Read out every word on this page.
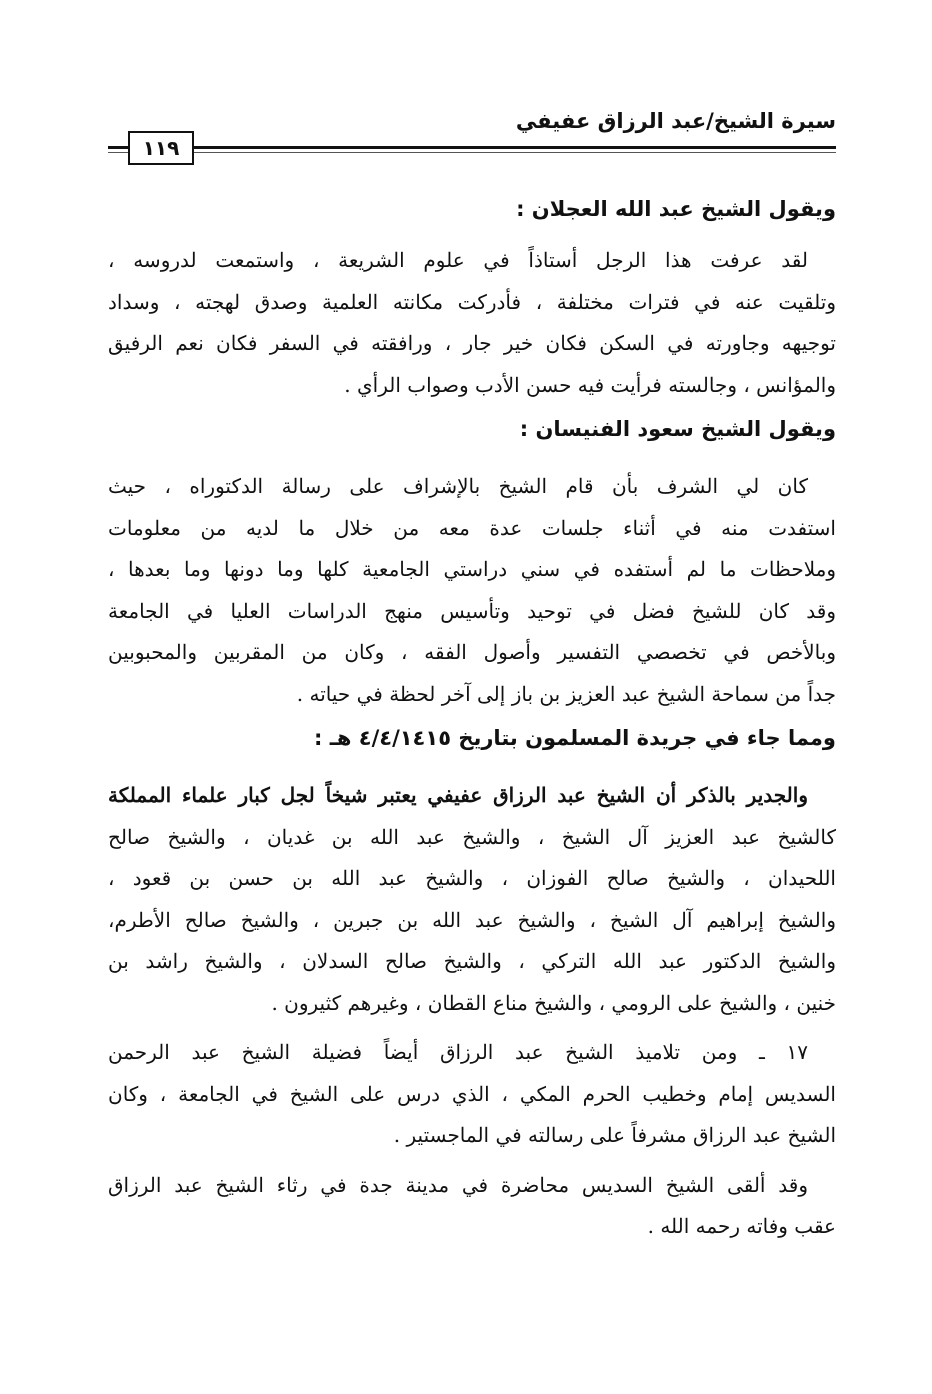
سيرة الشيخ/عبد الرزاق عفيفي
١١٩
ويقول الشيخ عبد الله العجلان :
لقد عرفت هذا الرجل أستاذاً في علوم الشريعة ، واستمعت لدروسه ،
وتلقيت عنه في فترات مختلفة ، فأدركت مكانته العلمية وصدق لهجته ، وسداد
توجيهه وجاورته في السكن فكان خير جار ، ورافقته في السفر فكان نعم الرفيق
والمؤانس ، وجالسته فرأيت فيه حسن الأدب وصواب الرأي .
ويقول الشيخ سعود الفنيسان :
كان لي الشرف بأن قام الشيخ بالإشراف على رسالة الدكتوراه ، حيث
استفدت منه في أثناء جلسات عدة معه من خلال ما لديه من معلومات
وملاحظات ما لم أستفده في سني دراستي الجامعية كلها وما دونها وما بعدها ،
وقد كان للشيخ فضل في توحيد وتأسيس منهج الدراسات العليا في الجامعة
وبالأخص في تخصصي التفسير وأصول الفقه ، وكان من المقربين والمحبوبين
جداً من سماحة الشيخ عبد العزيز بن باز إلى آخر لحظة في حياته .
ومما جاء في جريدة المسلمون بتاريخ ٤/٤/١٤١٥ هـ :
والجدير بالذكر أن الشيخ عبد الرزاق عفيفي يعتبر شيخاً لجل كبار علماء المملكة
كالشيخ عبد العزيز آل الشيخ ، والشيخ عبد الله بن غديان ، والشيخ صالح
اللحيدان ، والشيخ صالح الفوزان ، والشيخ عبد الله بن حسن بن قعود ،
والشيخ إبراهيم آل الشيخ ، والشيخ عبد الله بن جبرين ، والشيخ صالح الأطرم،
والشيخ الدكتور عبد الله التركي ، والشيخ صالح السدلان ، والشيخ راشد بن
خنين ، والشيخ على الرومي ، والشيخ مناع القطان ، وغيرهم كثيرون .
١٧ ـ ومن تلاميذ الشيخ عبد الرزاق أيضاً فضيلة الشيخ عبد الرحمن
السديس إمام وخطيب الحرم المكي ، الذي درس على الشيخ في الجامعة ، وكان
الشيخ عبد الرزاق مشرفاً على رسالته في الماجستير .
وقد ألقى الشيخ السديس محاضرة في مدينة جدة في رثاء الشيخ عبد الرزاق
عقب وفاته رحمه الله .
